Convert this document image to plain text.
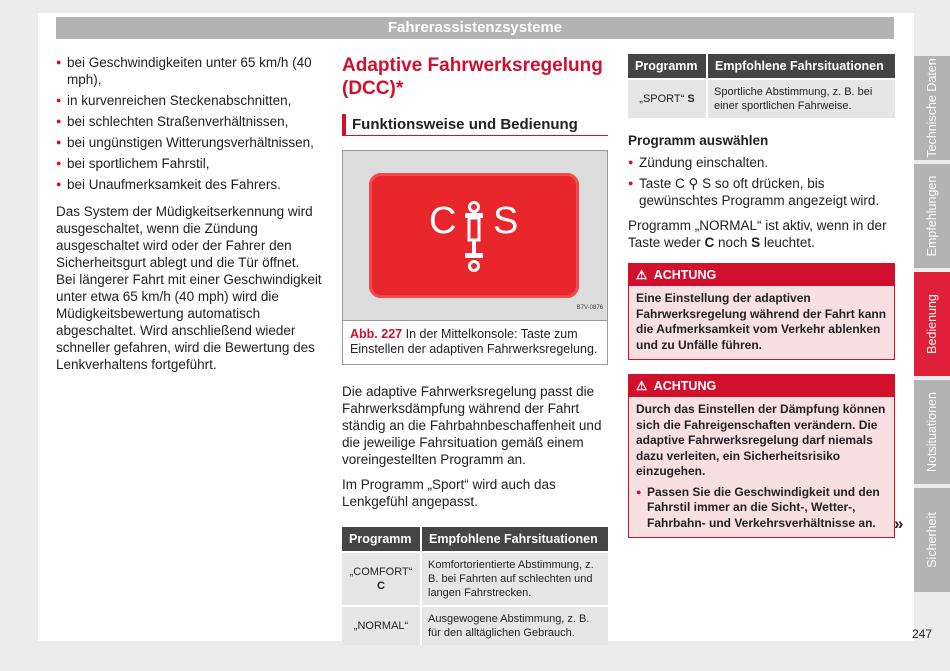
Fahrerassistenzsysteme
● bei Geschwindigkeiten unter 65 km/h (40 mph),
● in kurvenreichen Steckenabschnitten,
● bei schlechten Straßenverhältnissen,
● bei ungünstigen Witterungsverhältnissen,
● bei sportlichem Fahrstil,
● bei Unaufmerksamkeit des Fahrers.

Das System der Müdigkeitserkennung wird ausgeschaltet, wenn die Zündung ausgeschaltet wird oder der Fahrer den Sicherheitsgurt ablegt und die Tür öffnet. Bei längerer Fahrt mit einer Geschwindigkeit unter etwa 65 km/h (40 mph) wird die Müdigkeitsbewertung automatisch abgeschaltet. Wird anschließend wieder schneller gefahren, wird die Bewertung des Lenkverhaltens fortgeführt.

Adaptive Fahrwerksregelung (DCC)*
Funktionsweise und Bedienung
C S
B7V-0876
Abb. 227 In der Mittelkonsole: Taste zum Einstellen der adaptiven Fahrwerksregelung.

Die adaptive Fahrwerksregelung passt die Fahrwerksdämpfung während der Fahrt ständig an die Fahrbahnbeschaffenheit und die jeweilige Fahrsituation gemäß einem voreingestellten Programm an.

Im Programm „Sport“ wird auch das Lenkgefühl angepasst.

Programm	Empfohlene Fahrsituationen
„COMFORT“ C	Komfortorientierte Abstimmung, z. B. bei Fahrten auf schlechten und langen Fahrstrecken.
„NORMAL“	Ausgewogene Abstimmung, z. B. für den alltäglichen Gebrauch.
Programm	Empfohlene Fahrsituationen
„SPORT“ S	Sportliche Abstimmung, z. B. bei einer sportlichen Fahrweise.
Programm auswählen
● Zündung einschalten.
● Taste C ⚲ S so oft drücken, bis gewünschtes Programm angezeigt wird.

Programm „NORMAL“ ist aktiv, wenn in der Taste weder C noch S leuchtet.

⚠ ACHTUNG
Eine Einstellung der adaptiven Fahrwerksregelung während der Fahrt kann die Aufmerksamkeit vom Verkehr ablenken und zu Unfälle führen.
⚠ ACHTUNG
Durch das Einstellen der Dämpfung können sich die Fahreigenschaften verändern. Die adaptive Fahrwerksregelung darf niemals dazu verleiten, ein Sicherheitsrisiko einzugehen.
● Passen Sie die Geschwindigkeit und den Fahrstil immer an die Sicht-, Wetter-, Fahrbahn- und Verkehrsverhältnisse an.	»
Technische Daten
Empfehlungen
Bedienung
Notsituationen
Sicherheit
247
